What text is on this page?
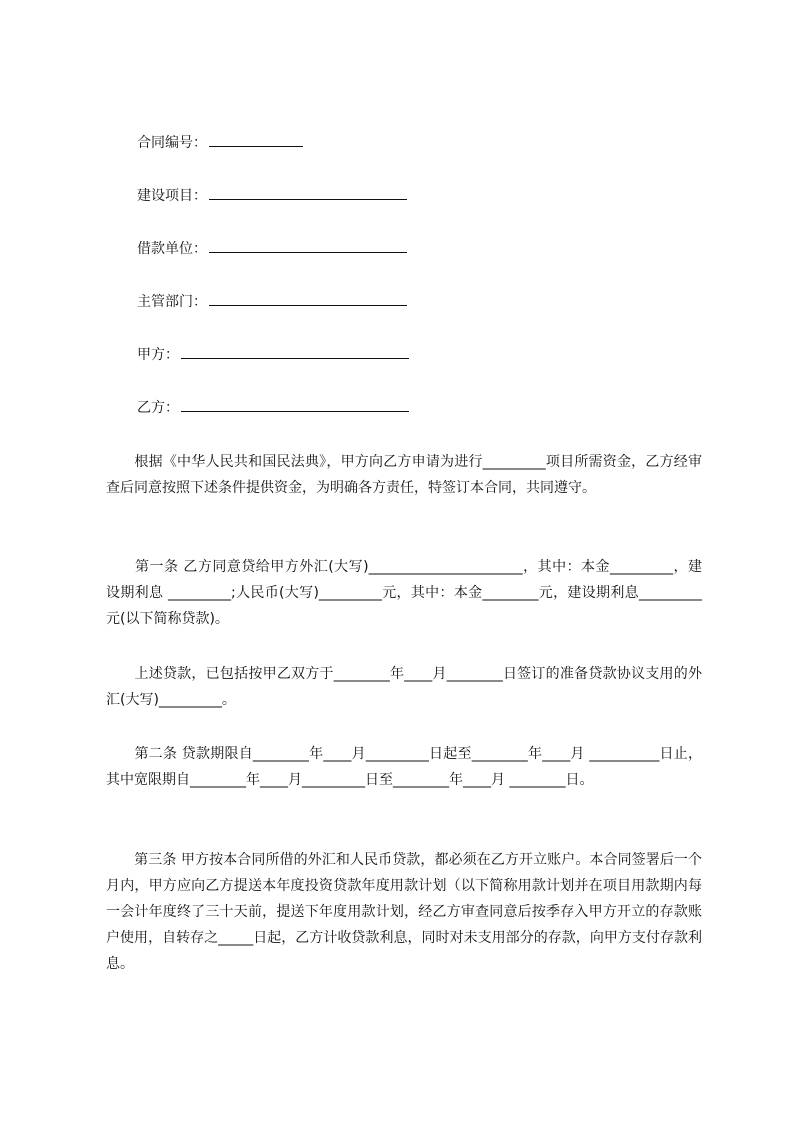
合同编号：
建设项目：
借款单位：
主管部门：
甲方：
乙方：

　　根据《中华人民共和国民法典》，甲方向乙方申请为进行_________项目所需资金，乙方经审查后同意按照下述条件提供资金，为明确各方责任，特签订本合同，共同遵守。

　　第一条 乙方同意贷给甲方外汇(大写)______________________，其中：本金_________，建设期利息 _________;人民币(大写)_________元，其中：本金________元，建设期利息_________元(以下简称贷款)。

　　上述贷款，已包括按甲乙双方于________年____月________日签订的准备贷款协议支用的外汇(大写)_________。

　　第二条 贷款期限自________年____月_________日起至________年____月 __________日止，其中宽限期自________年____月_________日至________年____月 ________日。

　　第三条 甲方按本合同所借的外汇和人民币贷款，都必须在乙方开立账户。本合同签署后一个月内，甲方应向乙方提送本年度投资贷款年度用款计划（以下简称用款计划并在项目用款期内每一会计年度终了三十天前，提送下年度用款计划，经乙方审查同意后按季存入甲方开立的存款账户使用，自转存之_____日起，乙方计收贷款利息，同时对未支用部分的存款，向甲方支付存款利息。
